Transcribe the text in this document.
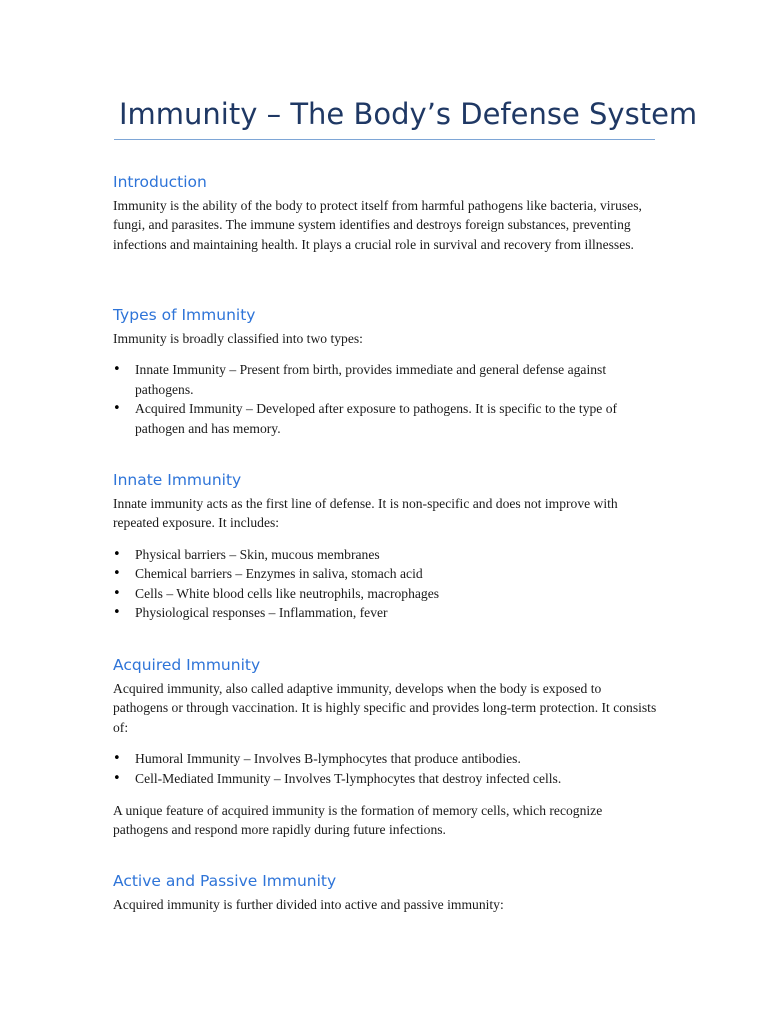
Immunity – The Body’s Defense System
Introduction

Immunity is the ability of the body to protect itself from harmful pathogens like bacteria, viruses, fungi, and parasites. The immune system identifies and destroys foreign substances, preventing infections and maintaining health. It plays a crucial role in survival and recovery from illnesses.

Types of Immunity

Immunity is broadly classified into two types:

• Innate Immunity – Present from birth, provides immediate and general defense against pathogens.
• Acquired Immunity – Developed after exposure to pathogens. It is specific to the type of pathogen and has memory.
Innate Immunity

Innate immunity acts as the first line of defense. It is non-specific and does not improve with repeated exposure. It includes:

• Physical barriers – Skin, mucous membranes
• Chemical barriers – Enzymes in saliva, stomach acid
• Cells – White blood cells like neutrophils, macrophages
• Physiological responses – Inflammation, fever
Acquired Immunity

Acquired immunity, also called adaptive immunity, develops when the body is exposed to pathogens or through vaccination. It is highly specific and provides long-term protection. It consists of:

• Humoral Immunity – Involves B-lymphocytes that produce antibodies.
• Cell-Mediated Immunity – Involves T-lymphocytes that destroy infected cells.

A unique feature of acquired immunity is the formation of memory cells, which recognize pathogens and respond more rapidly during future infections.

Active and Passive Immunity

Acquired immunity is further divided into active and passive immunity:
